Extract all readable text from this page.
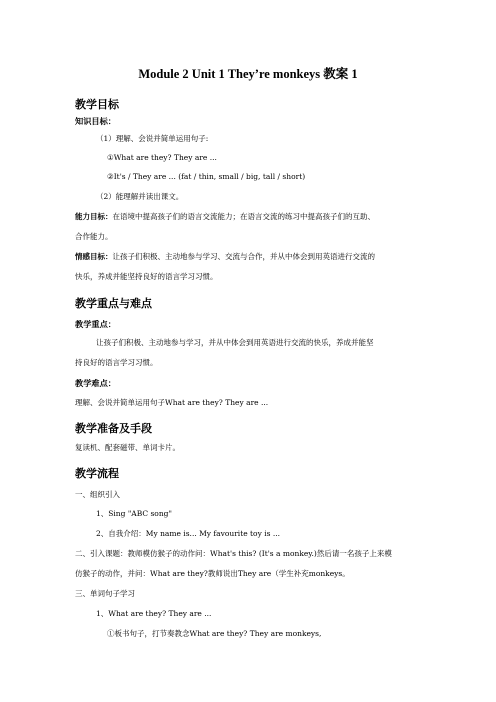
Module 2 Unit 1 They’re monkeys 教案 1
教学目标
知识目标：
（1）理解、会说并简单运用句子:
①What are they? They are ...
②It's / They are ... (fat / thin, small / big, tall / short)
（2）能理解并读出课文。
能力目标：在语境中提高孩子们的语言交流能力；在语言交流的练习中提高孩子们的互助、
合作能力。
情感目标：让孩子们积极、主动地参与学习、交流与合作，并从中体会到用英语进行交流的
快乐，养成并能坚持良好的语言学习习惯。
教学重点与难点
教学重点：
让孩子们积极、主动地参与学习，并从中体会到用英语进行交流的快乐，养成并能坚
持良好的语言学习习惯。
教学难点：
理解、会说并简单运用句子What are they? They are ...
教学准备及手段
复读机、配套磁带、单词卡片。
教学流程
一、组织引入
1、Sing "ABC song"
2、自我介绍：My name is... My favourite toy is ...
二、引入课题：教师模仿猴子的动作问：What's this? (It's a monkey.)然后请一名孩子上来模
仿猴子的动作，并问：What are they?教师说出They are（学生补充monkeys。
三、单词句子学习
1、What are they? They are ...
①板书句子，打节奏教念What are they? They are monkeys,
